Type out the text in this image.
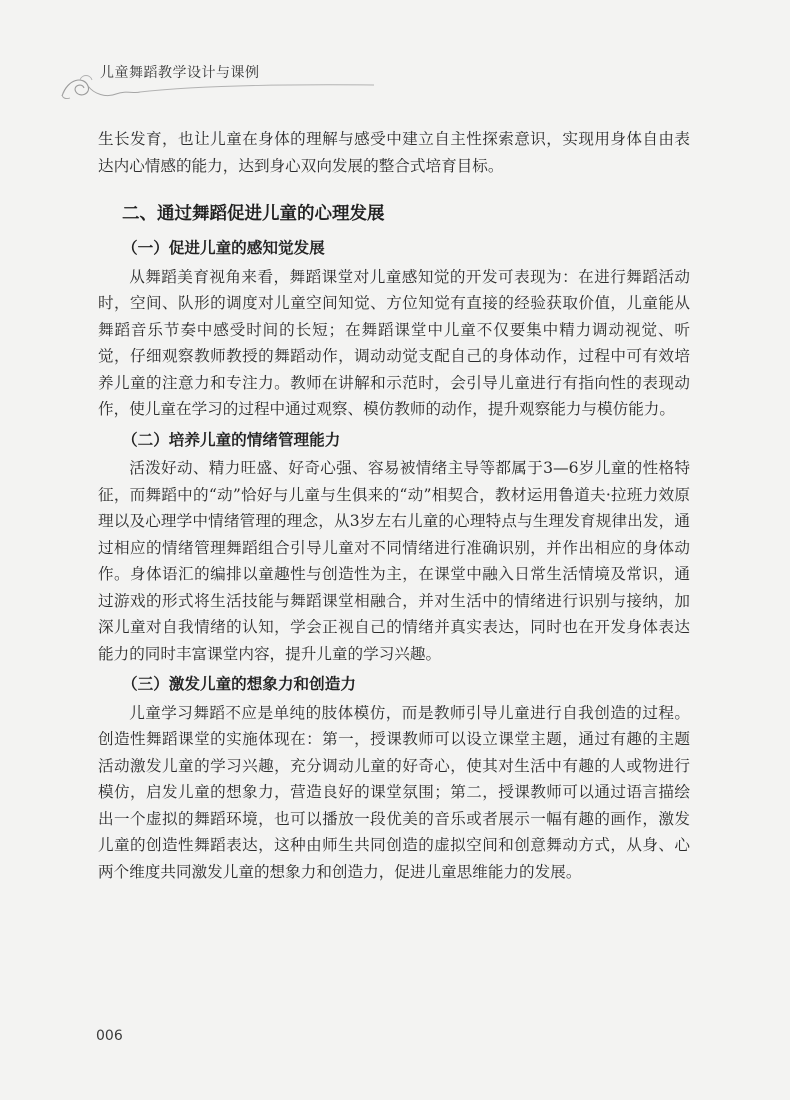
儿童舞蹈教学设计与课例

生长发育，也让儿童在身体的理解与感受中建立自主性探索意识，实现用身体自由表达内心情感的能力，达到身心双向发展的整合式培育目标。

二、通过舞蹈促进儿童的心理发展
（一）促进儿童的感知觉发展

从舞蹈美育视角来看，舞蹈课堂对儿童感知觉的开发可表现为：在进行舞蹈活动时，空间、队形的调度对儿童空间知觉、方位知觉有直接的经验获取价值，儿童能从舞蹈音乐节奏中感受时间的长短；在舞蹈课堂中儿童不仅要集中精力调动视觉、听觉，仔细观察教师教授的舞蹈动作，调动动觉支配自己的身体动作，过程中可有效培养儿童的注意力和专注力。教师在讲解和示范时，会引导儿童进行有指向性的表现动作，使儿童在学习的过程中通过观察、模仿教师的动作，提升观察能力与模仿能力。

（二）培养儿童的情绪管理能力

活泼好动、精力旺盛、好奇心强、容易被情绪主导等都属于3—6岁儿童的性格特征，而舞蹈中的“动”恰好与儿童与生俱来的“动”相契合，教材运用鲁道夫·拉班力效原理以及心理学中情绪管理的理念，从3岁左右儿童的心理特点与生理发育规律出发，通过相应的情绪管理舞蹈组合引导儿童对不同情绪进行准确识别，并作出相应的身体动作。身体语汇的编排以童趣性与创造性为主，在课堂中融入日常生活情境及常识，通过游戏的形式将生活技能与舞蹈课堂相融合，并对生活中的情绪进行识别与接纳，加深儿童对自我情绪的认知，学会正视自己的情绪并真实表达，同时也在开发身体表达能力的同时丰富课堂内容，提升儿童的学习兴趣。

（三）激发儿童的想象力和创造力

儿童学习舞蹈不应是单纯的肢体模仿，而是教师引导儿童进行自我创造的过程。创造性舞蹈课堂的实施体现在：第一，授课教师可以设立课堂主题，通过有趣的主题活动激发儿童的学习兴趣，充分调动儿童的好奇心，使其对生活中有趣的人或物进行模仿，启发儿童的想象力，营造良好的课堂氛围；第二，授课教师可以通过语言描绘出一个虚拟的舞蹈环境，也可以播放一段优美的音乐或者展示一幅有趣的画作，激发儿童的创造性舞蹈表达，这种由师生共同创造的虚拟空间和创意舞动方式，从身、心两个维度共同激发儿童的想象力和创造力，促进儿童思维能力的发展。

006
